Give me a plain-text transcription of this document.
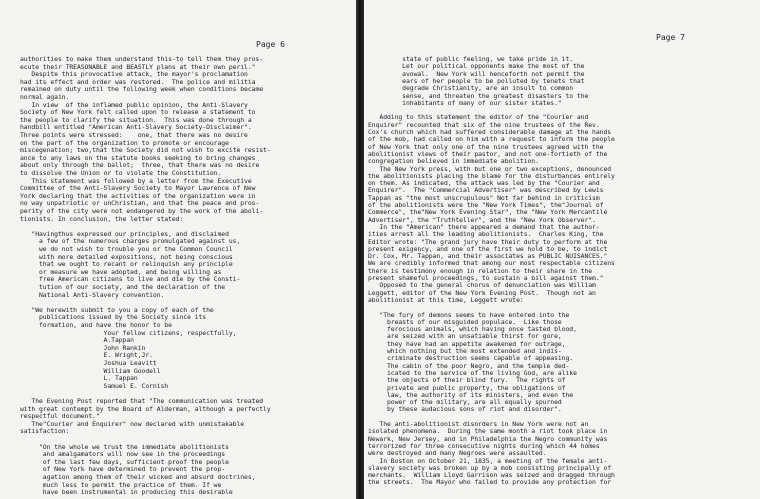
Page 6
authorities to make them understand this-to tell them they pros-
ecute their TREASONABLE and BEASTLY plans at their own peril."
Despite this provocative attack, the mayor's proclamation
had its effect and order was restored.  The police and militia
remained on duty until the following week when conditions became
normal again.
In view  of the inflamed public opinion, the Anti-Slavery
Society of New York felt called upon to release a statement to
the people to clarify the situation.  This was done through a
handbill entitled "American Anti-Slavery Society-Disclaimer".
Three points were stressed:    one, that there was no desire
on the part of the organization to promote or encourage
miscegenation; two,that the Society did not wish to excite resist-
ance to any laws on the statute books seeking to bring changes
about only through the ballot;  three, that there was no desire
to dissolve the Union or to violate the Constitution.
This statement was followed by a letter from the Executive
Committee of the Anti-Slavery Society to Mayor Lawrence of New
York declaring that the activities of the organization were in
no way unpatriotic or unChristian, and that the peace and pros-
perity of the city were not endangered by the work of the aboli-
tionists. In conclusion, the letter stated:
"Havingthus expressed our principles, and disclaimed
a few of the numerous charges promulgated against us,
we do not wish to trouble you or the Common Council
with more detailed expositions, not being conscious
that we ought to recant or relinquish any principle
or measure we have adopted, and being willing as
free American citizens to live and die by the Consti-
tution of our society, and the declaration of the
National Anti-Slavery convention.
"We herewith submit to you a copy of each of the
publications issued by the Society since its
formation, and have the honor to be
Your fellow citizens, respectfully,
A.Tappan
John Rankin
E. Wright,Jr.
Joshua Leavitt
William Goodell
L. Tappan
Samuel E. Cornish
The Evening Post reported that "The communication was treated
with great contempt by the Board of Alderman, although a perfectly
respectful document."
The"Courier and Enquirer" now declared with unmistakable
satisfaction:
"On the whole we trust the immediate abolitionists
and amalgamators will now see in the proceedings
of the last few days, sufficient proof the people
of New York have determined to prevent the prop-
agation among them of their wicked and absurd doctrines,
much less to permit the practice of them. If we
have been instrumental in producing this desirable
Page 7
state of public feeling, we take pride in it.
Let our political opponents make the most of the
avowal.  New York will henceforth not permit the
ears of her people to be polluted by tenets that
degrade Christianity, are an insult to common
sense, and threaten the greatest disasters to the
inhabitants of many of our sister states."
Adding to this statement the editor of the "Courier and
Enquirer" recounted that six of the nine trustees of the Rev.
Cox's church which had suffered considerable damage at the hands
of the mob, had called on him with a request to inform the people
of New York that only one of the nine trustees agreed with the
abolitionist views of their pastor, and not one-fortieth of the
congregation believed in immediate abolition.
The New York press, with but one or two exceptions, denounced
the abolitionists placing the blame for the disturbances entirely
on them. As indicated, the attack was led by the "Courier and
Enquirer".  The "Commercial Advertiser" was described by Lewis
Tappan as "the most unscrupulous" Not far behind in criticism
of the abolitionists were the "New York Times", the"Journal of
Commerce", the"New York Evening Star", the "New York Mercantile
Advertiser", the "Truthteller", and the "New York Observer".
In the "American" there appeared a demand that the author-
ities arrest all the leading abolitionists.  Charles King, the
Editor wrote: "The grand jury have their duty to perform at the
present exigency, and one of the first we hold to be, to indict
Dr. Cox, Mr. Tappan, and their associates as PUBLIC NUISANCES."
We are credibly informed that among our most respectable citizens
there is testimony enough in relation to their share in the
present shameful proceedings, to sustain a bill against them."
Opposed to the general chorus of denunciation was William
Leggett, editor of the New York Evening Post.  Though not an
abolitionist at this time, Leggett wrote:
"The fury of demons seems to have entered into the
breasts of our misguided populace.  Like those
ferocious animals, which having once tasted blood,
are seized with an unsatiable thirst for gore,
they have had an appetite awakened for outrage,
which nothing but the most extended and indis-
criminate destruction seems capable of appeasing.
The cabin of the poor Negro, and the temple ded-
icated to the service of the living God, are alike
the objects of their blind fury.  The rights of
private and public property, the obligations of
law, the authority of its ministers, and even the
power of the military, are all equally spurned
by these audacious sons of riot and disorder".
The anti-abolitionist disorders in New York were not an
isolated phenomena.  During the same month a riot took place in
Newark, New Jersey, and in Philadelphia the Negro community was
terrorized for three consecutive nights during which 44 homes
were destroyed and many Negroes were assaulted.
In Boston on October 21, 1835, a meeting of the female anti-
slavery society was broken up by a mob consisting principally of
merchants.  William Lloyd Garrison was seized and dragged through
the streets.  The Mayor who failed to provide any protection for
